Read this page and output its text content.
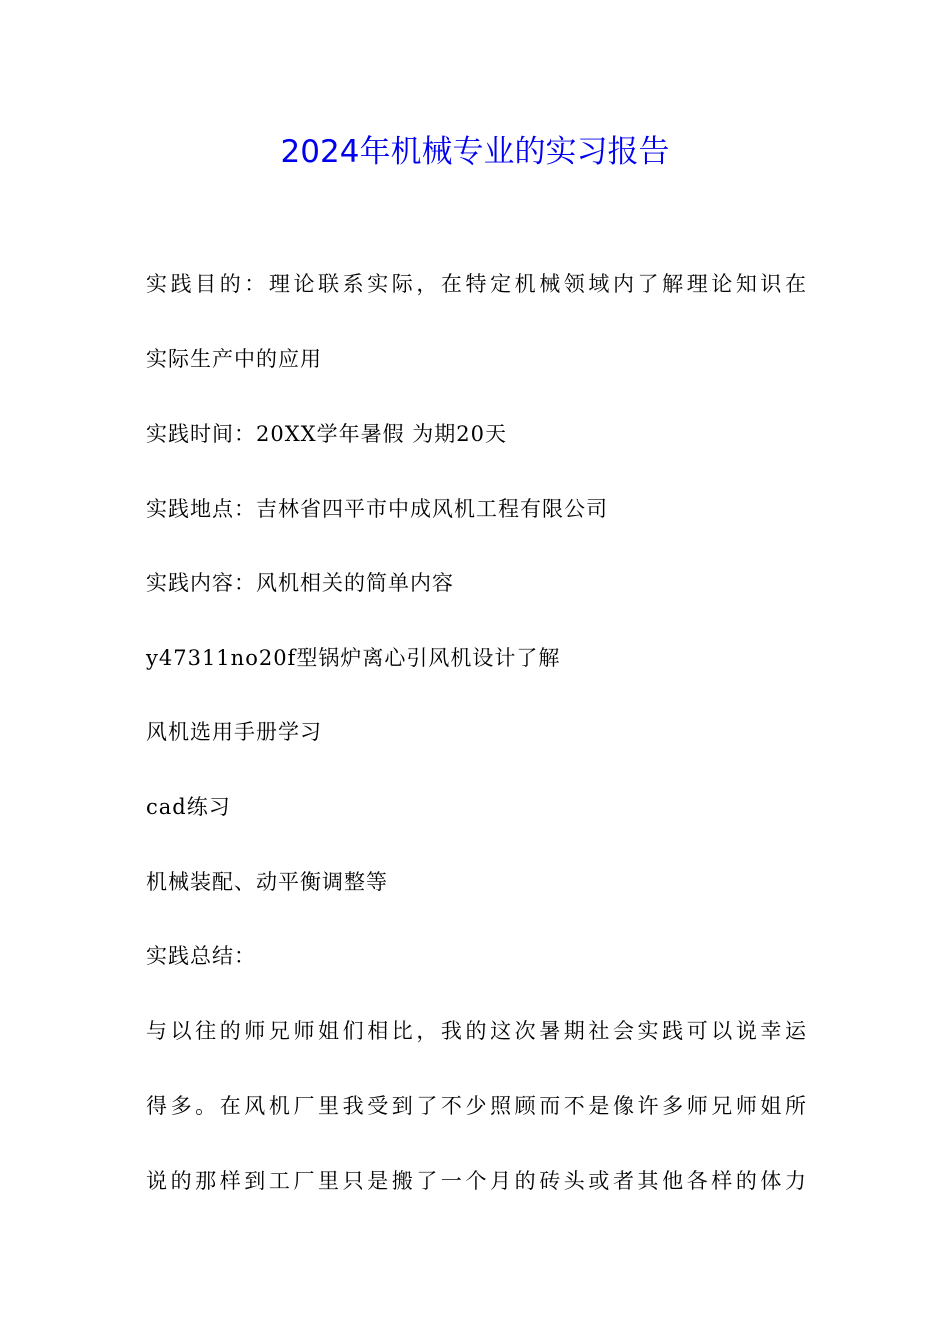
2024年机械专业的实习报告

实践目的：理论联系实际，在特定机械领域内了解理论知识在

实际生产中的应用

实践时间：20XX学年暑假 为期20天

实践地点：吉林省四平市中成风机工程有限公司

实践内容：风机相关的简单内容

y47311no20f型锅炉离心引风机设计了解

风机选用手册学习

cad练习

机械装配、动平衡调整等

实践总结：

与以往的师兄师姐们相比，我的这次暑期社会实践可以说幸运

得多。在风机厂里我受到了不少照顾而不是像许多师兄师姐所

说的那样到工厂里只是搬了一个月的砖头或者其他各样的体力
